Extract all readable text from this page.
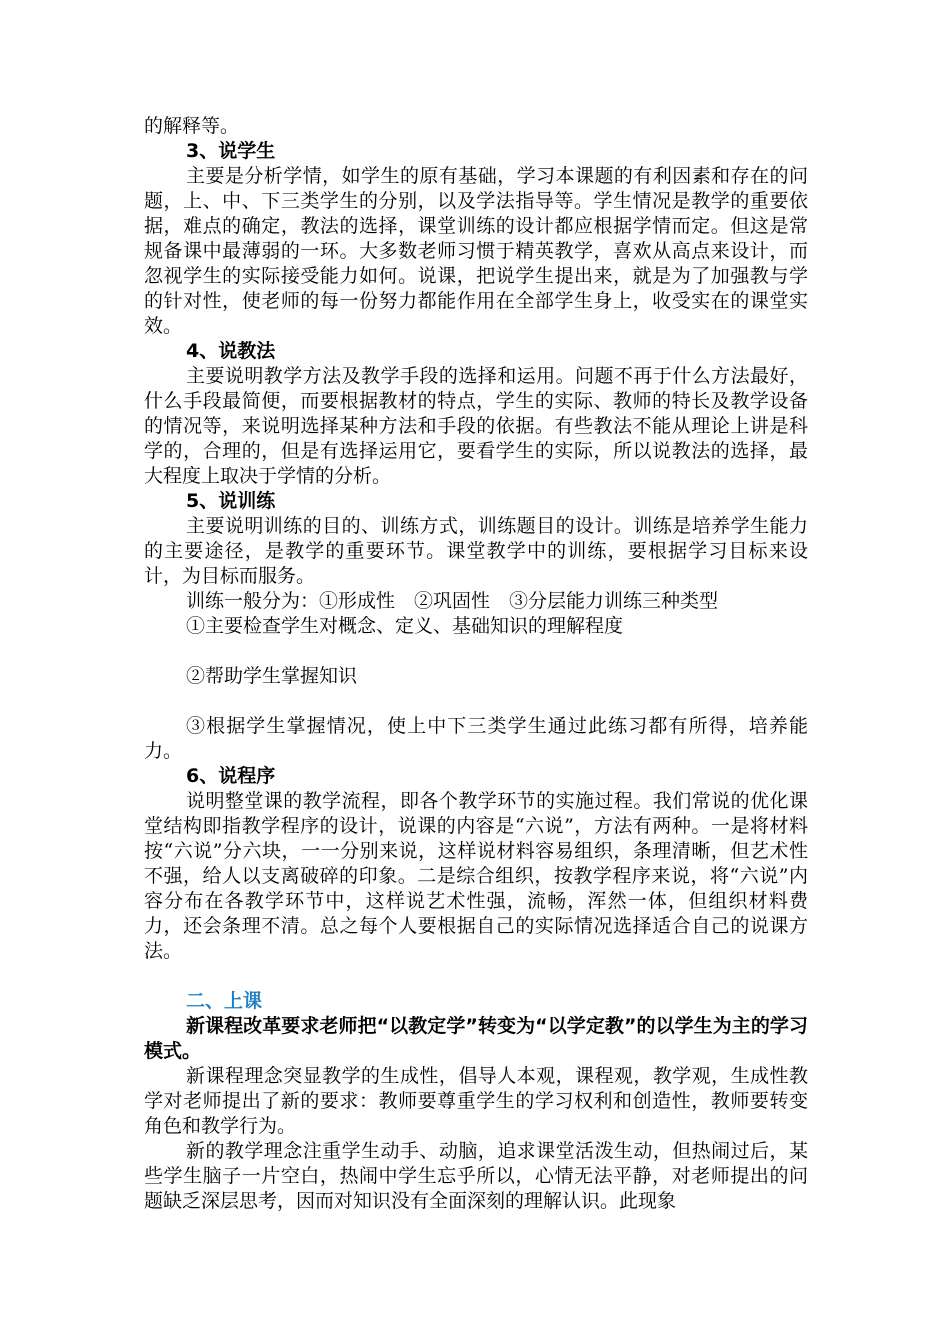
的解释等。

3、说学生

主要是分析学情，如学生的原有基础，学习本课题的有利因素和存在的问题，上、中、下三类学生的分别，以及学法指导等。学生情况是教学的重要依据，难点的确定，教法的选择，课堂训练的设计都应根据学情而定。但这是常规备课中最薄弱的一环。大多数老师习惯于精英教学，喜欢从高点来设计，而忽视学生的实际接受能力如何。说课，把说学生提出来，就是为了加强教与学的针对性，使老师的每一份努力都能作用在全部学生身上，收受实在的课堂实效。

4、说教法

主要说明教学方法及教学手段的选择和运用。问题不再于什么方法最好，什么手段最简便，而要根据教材的特点，学生的实际、教师的特长及教学设备的情况等，来说明选择某种方法和手段的依据。有些教法不能从理论上讲是科学的，合理的，但是有选择运用它，要看学生的实际，所以说教法的选择，最大程度上取决于学情的分析。

5、说训练

主要说明训练的目的、训练方式，训练题目的设计。训练是培养学生能力的主要途径，是教学的重要环节。课堂教学中的训练，要根据学习目标来设计，为目标而服务。

训练一般分为：①形成性　②巩固性　③分层能力训练三种类型

①主要检查学生对概念、定义、基础知识的理解程度

②帮助学生掌握知识

③根据学生掌握情况，使上中下三类学生通过此练习都有所得，培养能力。

6、说程序

说明整堂课的教学流程，即各个教学环节的实施过程。我们常说的优化课堂结构即指教学程序的设计，说课的内容是“六说”，方法有两种。一是将材料按“六说”分六块，一一分别来说，这样说材料容易组织，条理清晰，但艺术性不强，给人以支离破碎的印象。二是综合组织，按教学程序来说，将“六说”内容分布在各教学环节中，这样说艺术性强，流畅，浑然一体，但组织材料费力，还会条理不清。总之每个人要根据自己的实际情况选择适合自己的说课方法。

二、上课

新课程改革要求老师把“以教定学”转变为“以学定教”的以学生为主的学习模式。

新课程理念突显教学的生成性，倡导人本观，课程观，教学观，生成性教学对老师提出了新的要求：教师要尊重学生的学习权利和创造性，教师要转变角色和教学行为。

新的教学理念注重学生动手、动脑，追求课堂活泼生动，但热闹过后，某些学生脑子一片空白，热闹中学生忘乎所以，心情无法平静，对老师提出的问题缺乏深层思考，因而对知识没有全面深刻的理解认识。此现象
